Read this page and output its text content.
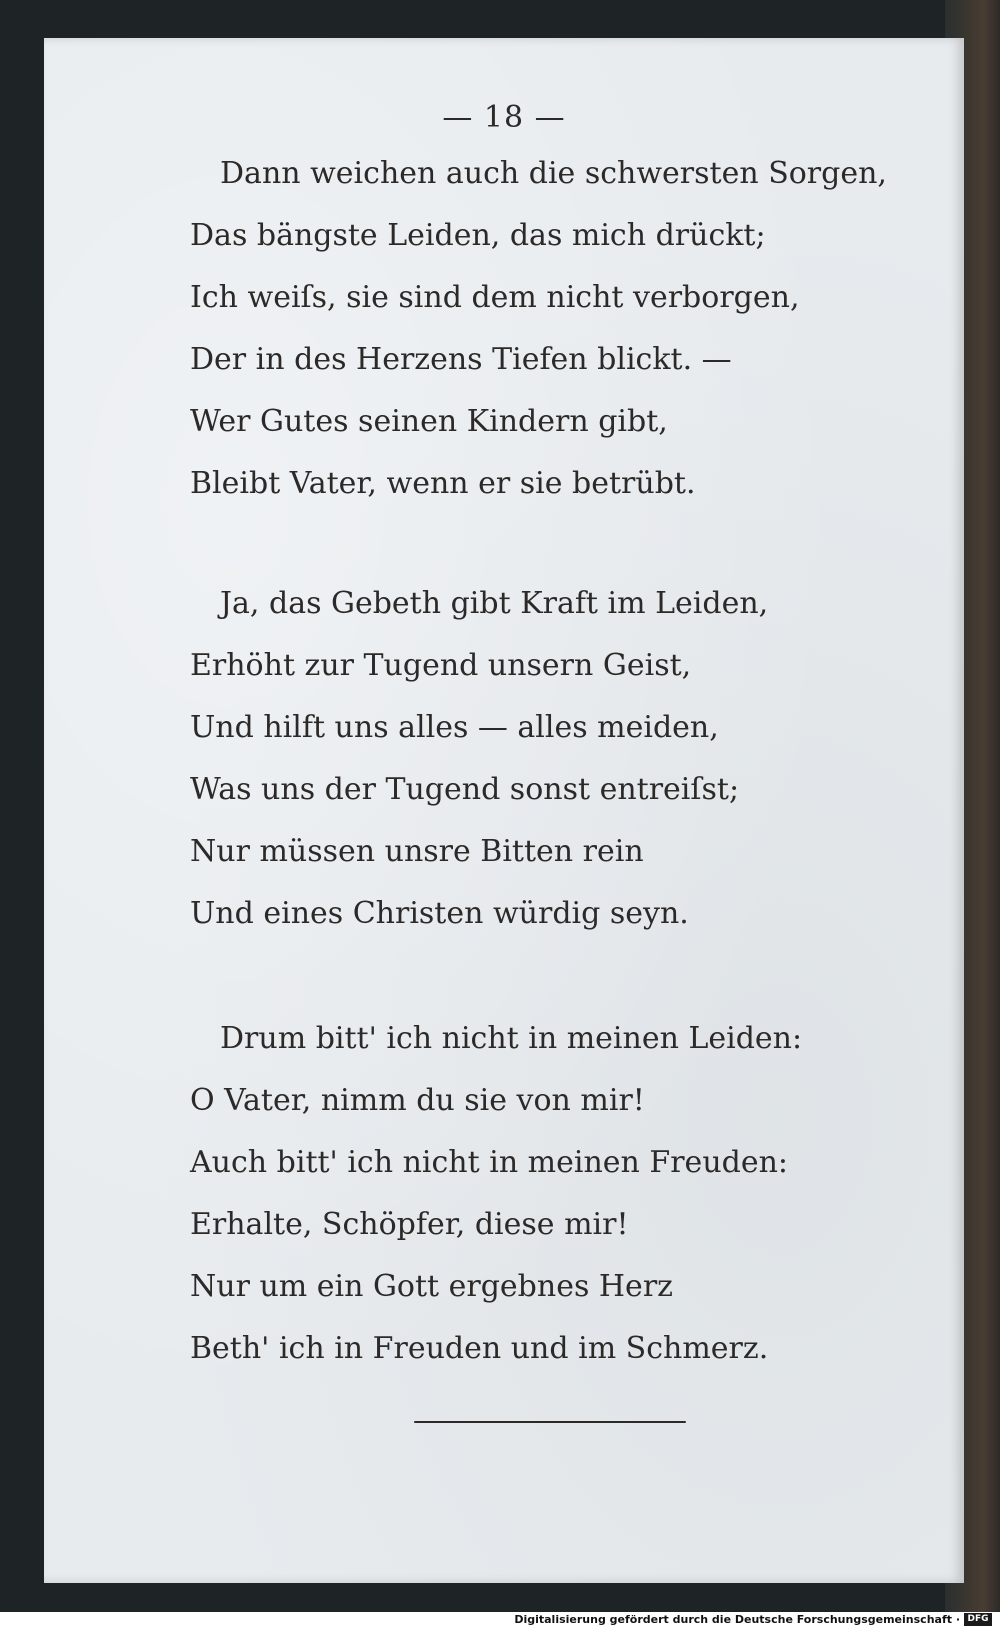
— 18 —
Dann weichen auch die schwersten Sorgen,
Das bängste Leiden, das mich drückt;
Ich weiſs, sie sind dem nicht verborgen,
Der in des Herzens Tiefen blickt. —
Wer Gutes seinen Kindern gibt,
Bleibt Vater, wenn er sie betrübt.
Ja, das Gebeth gibt Kraft im Leiden,
Erhöht zur Tugend unsern Geist,
Und hilft uns alles — alles meiden,
Was uns der Tugend sonst entreiſst;
Nur müssen unsre Bitten rein
Und eines Christen würdig seyn.
Drum bitt' ich nicht in meinen Leiden:
O Vater, nimm du sie von mir!
Auch bitt' ich nicht in meinen Freuden:
Erhalte, Schöpfer, diese mir!
Nur um ein Gott ergebnes Herz
Beth' ich in Freuden und im Schmerz.
Digitalisierung gefördert durch die Deutsche Forschungsgemeinschaft · DFG
